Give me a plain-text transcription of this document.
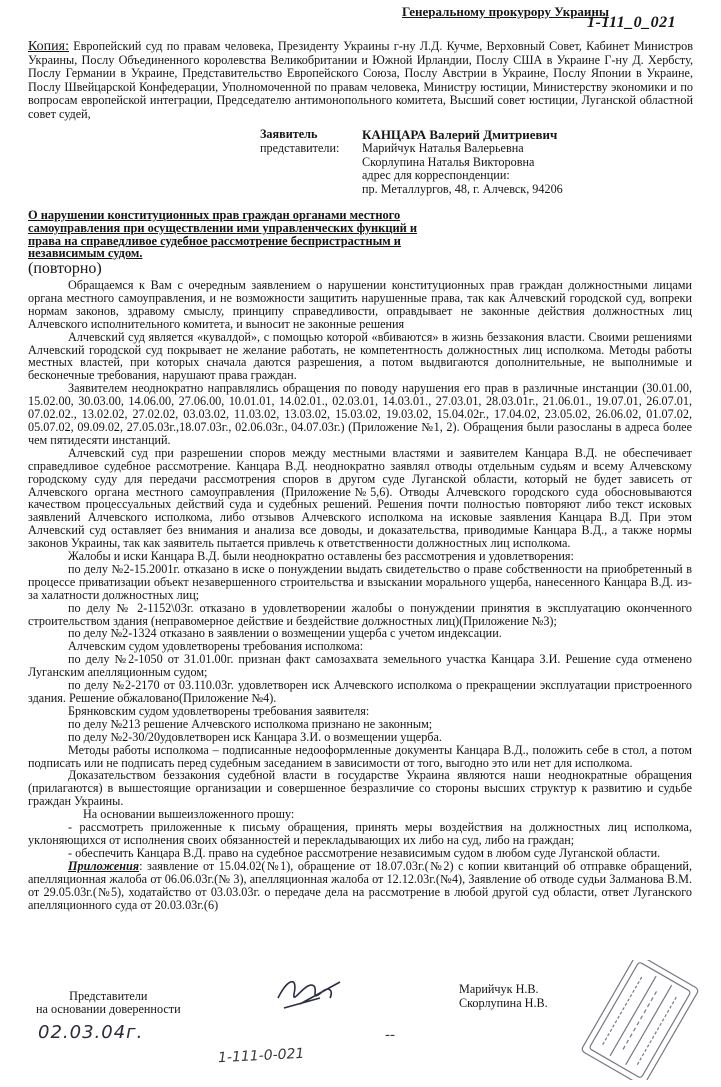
Генеральному прокурору Украины
1-111_0_021
Копия: Европейский суд по правам человека, Президенту Украины г-ну Л.Д. Кучме, Верховный Совет, Кабинет Министров Украины, Послу Объединенного королевства Великобритании и Южной Ирландии, Послу США в Украине Г-ну Д. Хербсту, Послу Германии в Украине, Представительство Европейского Союза, Послу Австрии в Украине, Послу Японии в Украине, Послу Швейцарской Конфедерации, Уполномоченной по правам человека, Министру юстиции, Министерству экономики и по вопросам европейской интеграции, Председателю антимонопольного комитета, Высший совет юстиции, Луганской областной совет судей,
Заявитель	КАНЦАРА Валерий Дмитриевич
представители:	Марийчук Наталья Валерьевна
Скорлупина Наталья Викторовна
адрес для корреспонденции:
пр. Металлургов, 48, г. Алчевск, 94206
О нарушении конституционных прав граждан органами местного самоуправления при осуществлении ими управленческих функций и права на справедливое судебное рассмотрение беспристрастным и независимым судом.
(повторно)

Обращаемся к Вам с очередным заявлением о нарушении конституционных прав граждан должностными лицами органа местного самоуправления, и не возможности защитить нарушенные права, так как Алчевский городской суд, вопреки нормам законов, здравому смыслу, принципу справедливости, оправдывает не законные действия должностных лиц Алчевского исполнительного комитета, и выносит не законные решения

Алчевский суд является «кувалдой», с помощью которой «вбиваются» в жизнь беззакония власти. Своими решениями Алчевский городской суд покрывает не желание работать, не компетентность должностных лиц исполкома. Методы работы местных властей, при которых сначала даются разрешения, а потом выдвигаются дополнительные, не выполнимые и бесконечные требования, нарушают права граждан.

Заявителем неоднократно направлялись обращения по поводу нарушения его прав в различные инстанции (30.01.00, 15.02.00, 30.03.00, 14.06.00, 27.06.00, 10.01.01, 14.02.01., 02.03.01, 14.03.01., 27.03.01, 28.03.01г., 21.06.01., 19.07.01, 26.07.01, 07.02.02., 13.02.02, 27.02.02, 03.03.02, 11.03.02, 13.03.02, 15.03.02, 19.03.02, 15.04.02г., 17.04.02, 23.05.02, 26.06.02, 01.07.02, 05.07.02, 09.09.02, 27.05.03г.,18.07.03г., 02.06.03г., 04.07.03г.) (Приложение №1, 2). Обращения были разосланы в адреса более чем пятидесяти инстанций.

Алчевский суд при разрешении споров между местными властями и заявителем Канцара В.Д. не обеспечивает справедливое судебное рассмотрение. Канцара В.Д. неоднократно заявлял отводы отдельным судьям и всему Алчевскому городскому суду для передачи рассмотрения споров в другом суде Луганской области, который не будет зависеть от Алчевского органа местного самоуправления (Приложение№5,6). Отводы Алчевского городского суда обосновываются качеством процессуальных действий суда и судебных решений. Решения почти полностью повторяют либо текст исковых заявлений Алчевского исполкома, либо отзывов Алчевского исполкома на исковые заявления Канцара В.Д. При этом Алчевский суд оставляет без внимания и анализа все доводы, и доказательства, приводимые Канцара В.Д., а также нормы законов Украины, так как заявитель пытается привлечь к ответственности должностных лиц исполкома.

Жалобы и иски Канцара В.Д. были неоднократно оставлены без рассмотрения и удовлетворения:

по делу №2-15.2001г. отказано в иске о понуждении выдать свидетельство о праве собственности на приобретенный в процессе приватизации объект незавершенного строительства и взыскании морального ущерба, нанесенного Канцара В.Д. из-за халатности должностных лиц;

по делу № 2-1152\03г. отказано в удовлетворении жалобы о понуждении принятия в эксплуатацию оконченного строительством здания (неправомерное действие и бездействие должностных лиц)(Приложение №3);

по делу №2-1324 отказано в заявлении о возмещении ущерба с учетом индексации.

Алчевским судом удовлетворены требования исполкома:

по делу №2-1050 от 31.01.00г. признан факт самозахвата земельного участка Канцара З.И. Решение суда отменено Луганским апелляционным судом;

по делу №2-2170 от 03.110.03г. удовлетворен иск Алчевского исполкома о прекращении эксплуатации пристроенного здания. Решение обжаловано(Приложение №4).

Брянковским судом удовлетворены требования заявителя:

по делу №213 решение Алчевского исполкома признано не законным;

по делу №2-30/20удовлетворен иск Канцара З.И. о возмещении ущерба.

Методы работы исполкома – подписанные недооформленные документы Канцара В.Д., положить себе в стол, а потом подписать или не подписать перед судебным заседанием в зависимости от того, выгодно это или нет для исполкома.

Доказательством беззакония судебной власти в государстве Украина являются наши неоднократные обращения (прилагаются) в вышестоящие организации и совершенное безразличие со стороны высших структур к развитию и судьбе граждан Украины.

На основании вышеизложенного прошу:

- рассмотреть приложенные к письму обращения, принять меры воздействия на должностных лиц исполкома, уклоняющихся от исполнения своих обязанностей и перекладывающих их либо на суд, либо на граждан;

- обеспечить Канцара В.Д. право на судебное рассмотрение независимым судом в любом суде Луганской области.

Приложения: заявление от 15.04.02(№1), обращение от 18.07.03г.(№2) с копии квитанций об отправке обращений, апелляционная жалоба от 06.06.03г.(№ 3), апелляционная жалоба от 12.12.03г.(№4), Заявление об отводе судьи Залманова В.М. от 29.05.03г.(№5), ходатайство от 03.03.03г. о передаче дела на рассмотрение в любой другой суд области, ответ Луганского апелляционного суда от 20.03.03г.(6)

Представители
на основании доверенности
Марийчук Н.В.
Скорлупина Н.В.
02.03.04г.	--
1-111-0-021
